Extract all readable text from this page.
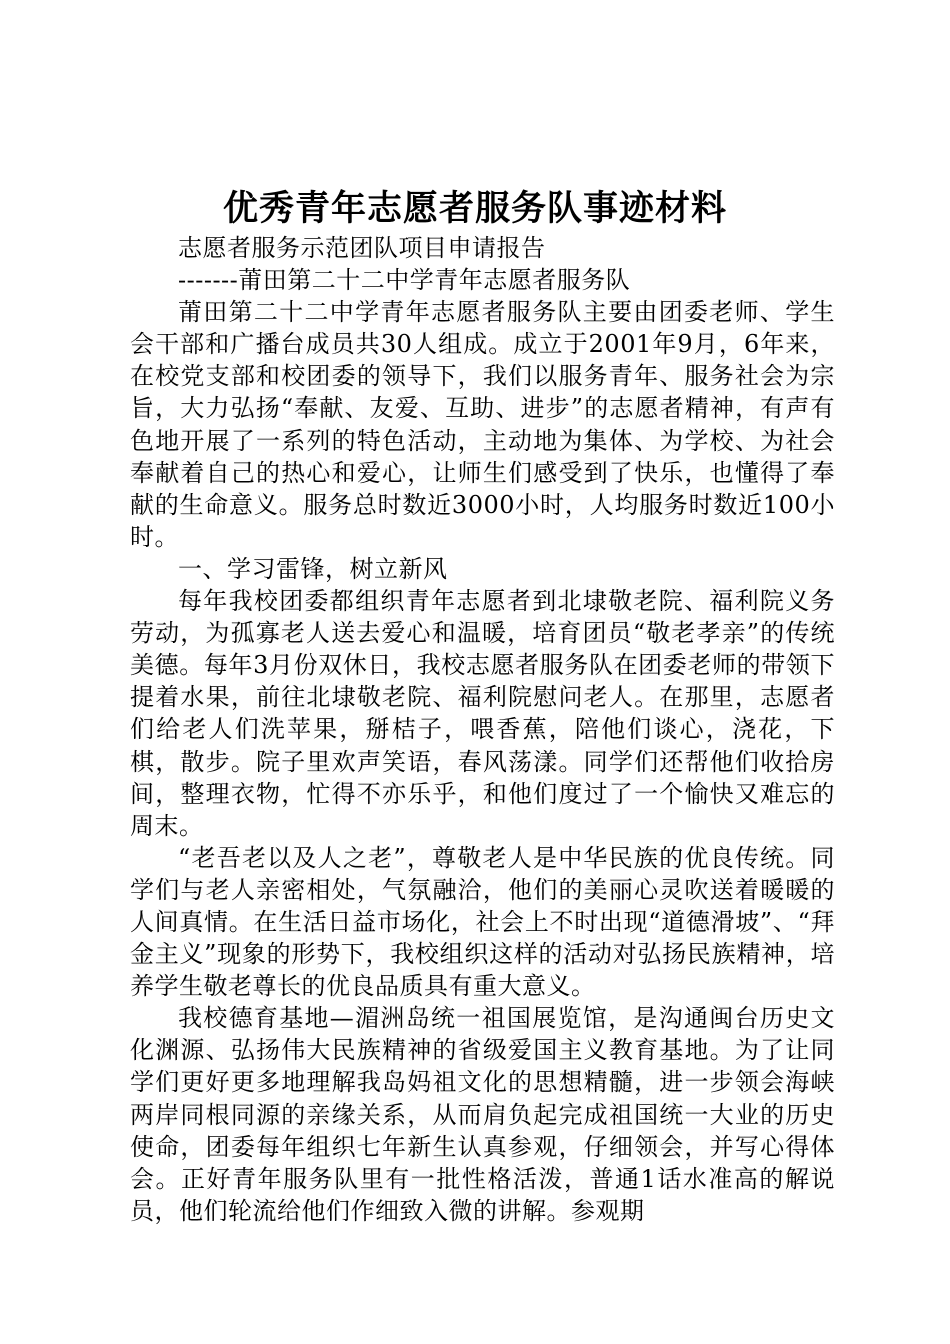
优秀青年志愿者服务队事迹材料

志愿者服务示范团队项目申请报告

-------莆田第二十二中学青年志愿者服务队

莆田第二十二中学青年志愿者服务队主要由团委老师、学生会干部和广播台成员共30人组成。成立于2001年9月，6年来，在校党支部和校团委的领导下，我们以服务青年、服务社会为宗旨，大力弘扬“奉献、友爱、互助、进步”的志愿者精神，有声有色地开展了一系列的特色活动，主动地为集体、为学校、为社会奉献着自己的热心和爱心，让师生们感受到了快乐，也懂得了奉献的生命意义。服务总时数近3000小时，人均服务时数近100小时。

一、学习雷锋，树立新风

每年我校团委都组织青年志愿者到北埭敬老院、福利院义务劳动，为孤寡老人送去爱心和温暖，培育团员“敬老孝亲”的传统美德。每年3月份双休日，我校志愿者服务队在团委老师的带领下提着水果，前往北埭敬老院、福利院慰问老人。在那里，志愿者们给老人们洗苹果，掰桔子，喂香蕉，陪他们谈心，浇花，下棋，散步。院子里欢声笑语，春风荡漾。同学们还帮他们收拾房间，整理衣物，忙得不亦乐乎，和他们度过了一个愉快又难忘的周末。

“老吾老以及人之老”，尊敬老人是中华民族的优良传统。同学们与老人亲密相处，气氛融洽，他们的美丽心灵吹送着暖暖的人间真情。在生活日益市场化，社会上不时出现“道德滑坡”、“拜金主义”现象的形势下，我校组织这样的活动对弘扬民族精神，培养学生敬老尊长的优良品质具有重大意义。

我校德育基地—湄洲岛统一祖国展览馆，是沟通闽台历史文化渊源、弘扬伟大民族精神的省级爱国主义教育基地。为了让同学们更好更多地理解我岛妈祖文化的思想精髓，进一步领会海峡两岸同根同源的亲缘关系，从而肩负起完成祖国统一大业的历史使命，团委每年组织七年新生认真参观，仔细领会，并写心得体会。正好青年服务队里有一批性格活泼，普通1话水准高的解说员，他们轮流给他们作细致入微的讲解。参观期
